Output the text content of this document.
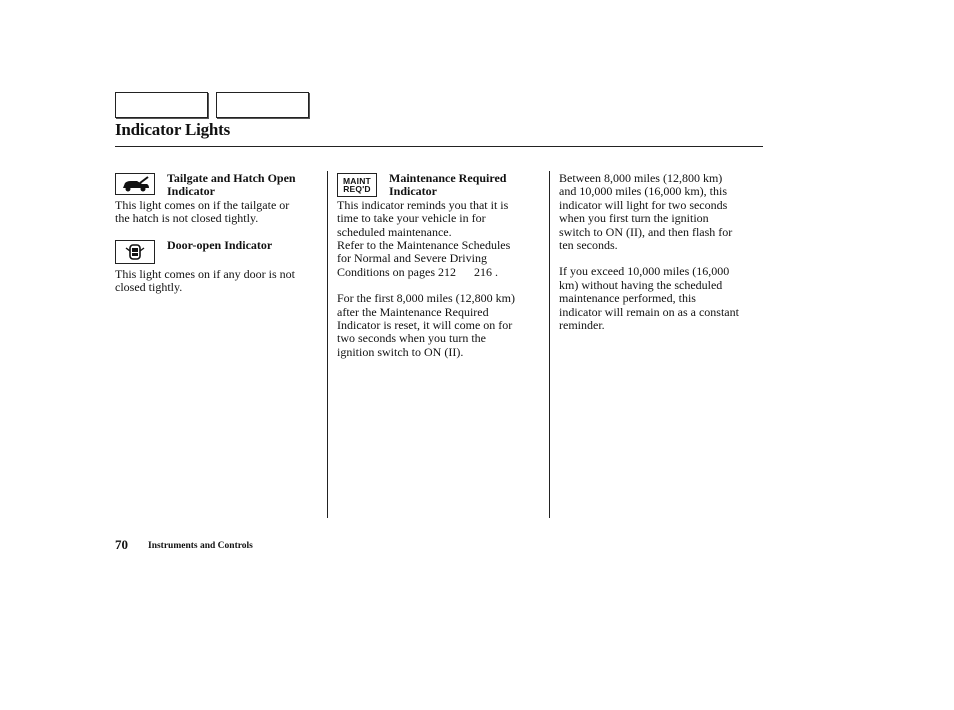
Indicator Lights
Tailgate and Hatch Open
Indicator
This light comes on if the tailgate or
the hatch is not closed tightly.
Door-open Indicator
This light comes on if any door is not
closed tightly.
MAINT
REQ'D
Maintenance Required
Indicator
This indicator reminds you that it is
time to take your vehicle in for
scheduled maintenance.
Refer to the Maintenance Schedules
for Normal and Severe Driving
Conditions on pages 212      216 .
For the first 8,000 miles (12,800 km)
after the Maintenance Required
Indicator is reset, it will come on for
two seconds when you turn the
ignition switch to ON (II).
Between 8,000 miles (12,800 km)
and 10,000 miles (16,000 km), this
indicator will light for two seconds
when you first turn the ignition
switch to ON (II), and then flash for
ten seconds.
If you exceed 10,000 miles (16,000
km) without having the scheduled
maintenance performed, this
indicator will remain on as a constant
reminder.
70 Instruments and Controls
